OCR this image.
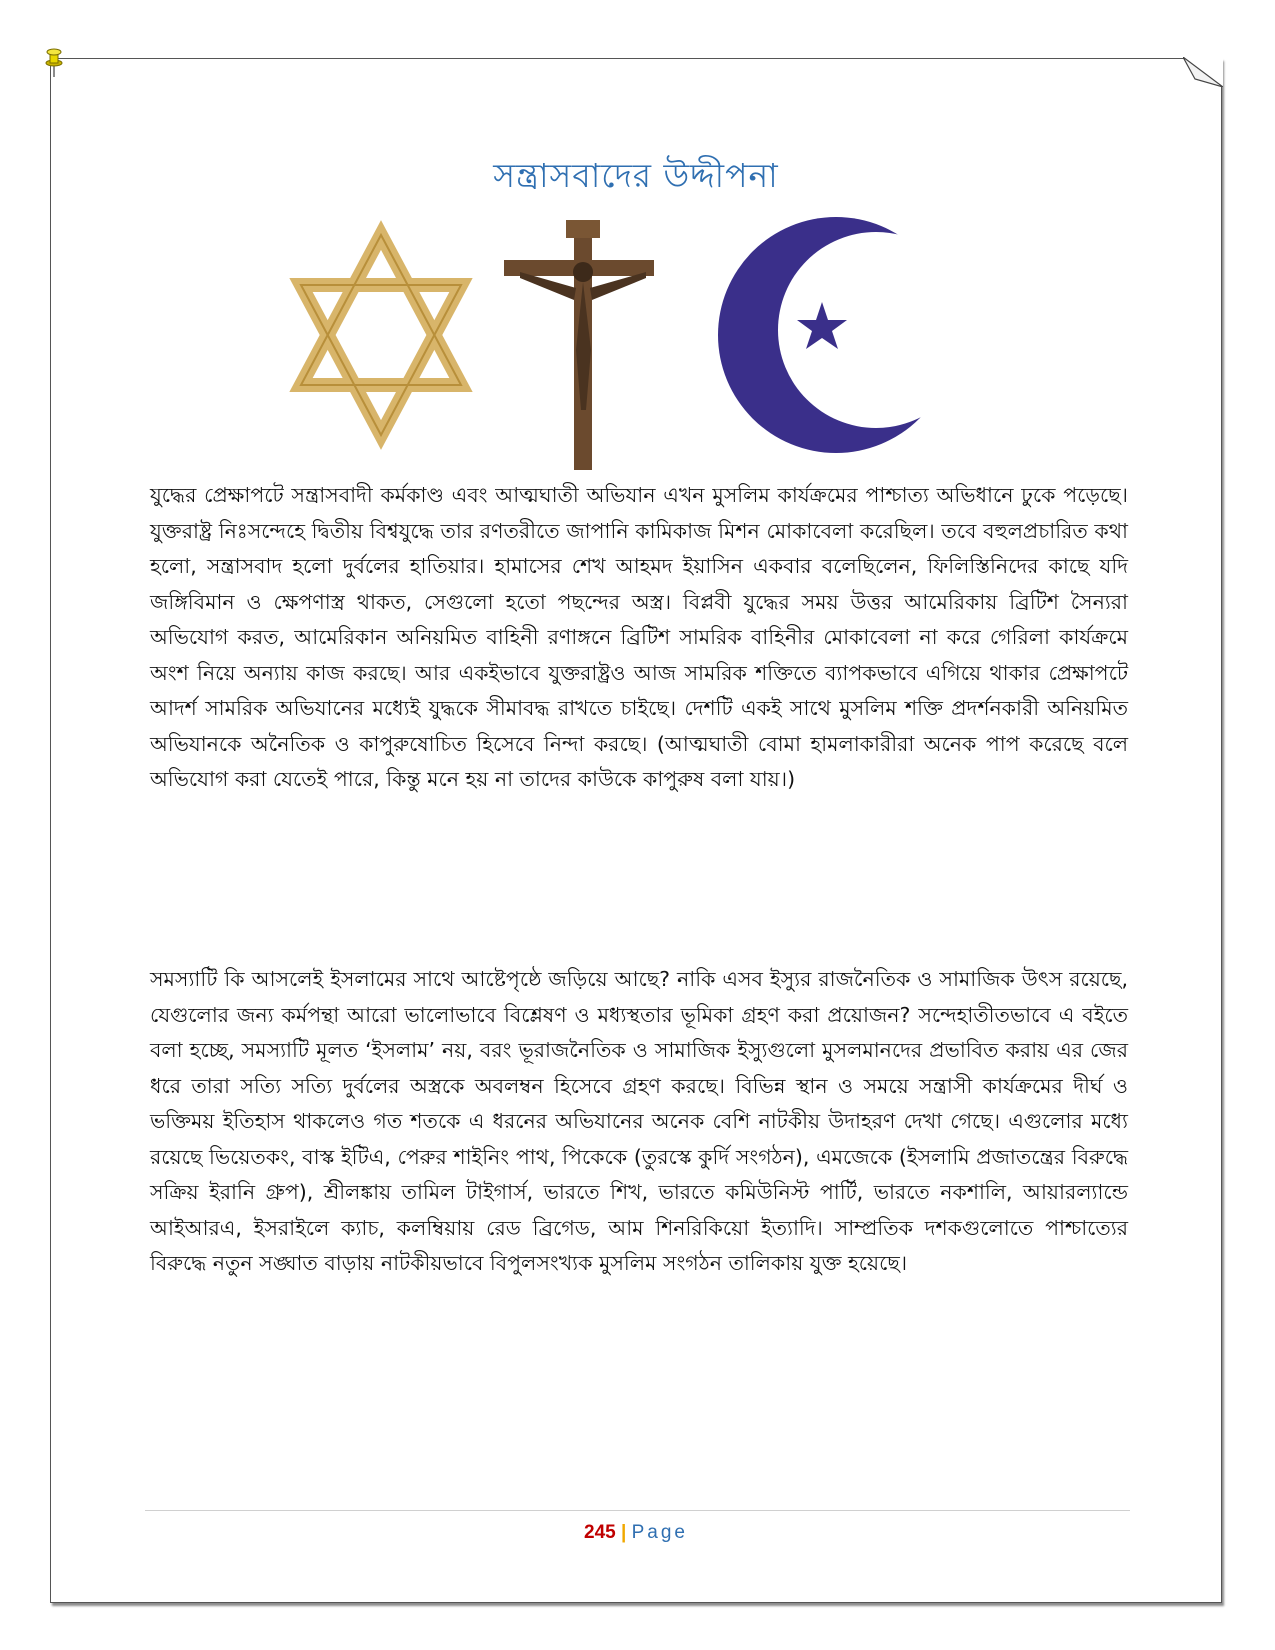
সন্ত্রাসবাদের উদ্দীপনা

যুদ্ধের প্রেক্ষাপটে সন্ত্রাসবাদী কর্মকাণ্ড এবং আত্মঘাতী অভিযান এখন মুসলিম কার্যক্রমের পাশ্চাত্য অভিধানে ঢুকে পড়েছে। যুক্তরাষ্ট্র নিঃসন্দেহে দ্বিতীয় বিশ্বযুদ্ধে তার রণতরীতে জাপানি কামিকাজ মিশন মোকাবেলা করেছিল। তবে বহুলপ্রচারিত কথা হলো, সন্ত্রাসবাদ হলো দুর্বলের হাতিয়ার। হামাসের শেখ আহমদ ইয়াসিন একবার বলেছিলেন, ফিলিস্তিনিদের কাছে যদি জঙ্গিবিমান ও ক্ষেপণাস্ত্র থাকত, সেগুলো হতো পছন্দের অস্ত্র। বিপ্লবী যুদ্ধের সময় উত্তর আমেরিকায় ব্রিটিশ সৈন্যরা অভিযোগ করত, আমেরিকান অনিয়মিত বাহিনী রণাঙ্গনে ব্রিটিশ সামরিক বাহিনীর মোকাবেলা না করে গেরিলা কার্যক্রমে অংশ নিয়ে অন্যায় কাজ করছে। আর একইভাবে যুক্তরাষ্ট্রও আজ সামরিক শক্তিতে ব্যাপকভাবে এগিয়ে থাকার প্রেক্ষাপটে আদর্শ সামরিক অভিযানের মধ্যেই যুদ্ধকে সীমাবদ্ধ রাখতে চাইছে। দেশটি একই সাথে মুসলিম শক্তি প্রদর্শনকারী অনিয়মিত অভিযানকে অনৈতিক ও কাপুরুষোচিত হিসেবে নিন্দা করছে। (আত্মঘাতী বোমা হামলাকারীরা অনেক পাপ করেছে বলে অভিযোগ করা যেতেই পারে, কিন্তু মনে হয় না তাদের কাউকে কাপুরুষ বলা যায়।)

সমস্যাটি কি আসলেই ইসলামের সাথে আষ্টেপৃষ্ঠে জড়িয়ে আছে? নাকি এসব ইস্যুর রাজনৈতিক ও সামাজিক উৎস রয়েছে, যেগুলোর জন্য কর্মপন্থা আরো ভালোভাবে বিশ্লেষণ ও মধ্যস্থতার ভূমিকা গ্রহণ করা প্রয়োজন? সন্দেহাতীতভাবে এ বইতে বলা হচ্ছে, সমস্যাটি মূলত ‘ইসলাম’ নয়, বরং ভূরাজনৈতিক ও সামাজিক ইস্যুগুলো মুসলমানদের প্রভাবিত করায় এর জের ধরে তারা সত্যি সত্যি দুর্বলের অস্ত্রকে অবলম্বন হিসেবে গ্রহণ করছে। বিভিন্ন স্থান ও সময়ে সন্ত্রাসী কার্যক্রমের দীর্ঘ ও ভক্তিময় ইতিহাস থাকলেও গত শতকে এ ধরনের অভিযানের অনেক বেশি নাটকীয় উদাহরণ দেখা গেছে। এগুলোর মধ্যে রয়েছে ভিয়েতকং, বাস্ক ইটিএ, পেরুর শাইনিং পাথ, পিকেকে (তুরস্কে কুর্দি সংগঠন), এমজেকে (ইসলামি প্রজাতন্ত্রের বিরুদ্ধে সক্রিয় ইরানি গ্রুপ), শ্রীলঙ্কায় তামিল টাইগার্স, ভারতে শিখ, ভারতে কমিউনিস্ট পার্টি, ভারতে নকশালি, আয়ারল্যান্ডে আইআরএ, ইসরাইলে ক্যাচ, কলম্বিয়ায় রেড ব্রিগেড, আম শিনরিকিয়ো ইত্যাদি। সাম্প্রতিক দশকগুলোতে পাশ্চাত্যের বিরুদ্ধে নতুন সঙ্ঘাত বাড়ায় নাটকীয়ভাবে বিপুলসংখ্যক মুসলিম সংগঠন তালিকায় যুক্ত হয়েছে।

245 | Page
